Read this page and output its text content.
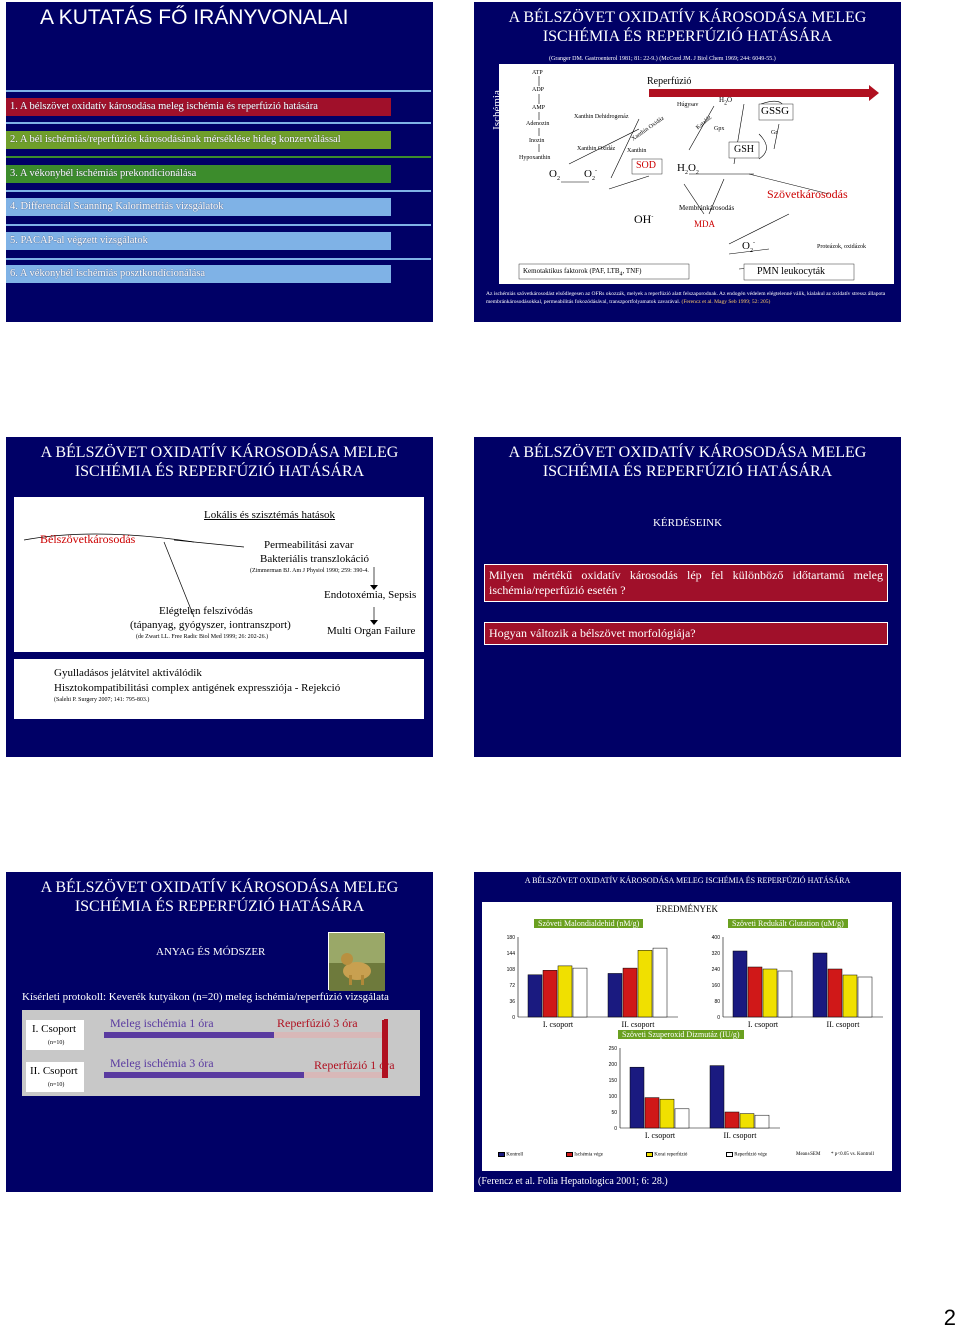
A KUTATÁS FŐ IRÁNYVONALAI
1. A bélszövet oxidatív károsodása meleg ischémia és reperfúzió hatására
2. A bél ischémiás/reperfúziós károsodásának mérséklése hideg konzerválással
3. A vékonybél ischémiás prekondícionálása
4. Differenciál Scanning Kalorimetriás vizsgálatok
5. PACAP-al végzett vizsgálatok
6. A vékonybél ischémiás posztkondícionálása
A BÉLSZÖVET OXIDATÍV KÁROSODÁSA MELEG
ISCHÉMIA ÉS REPERFÚZIÓ HATÁSÁRA
(Granger DM. Gastroenterol 1981; 81: 22-9.) (McCord JM. J Biol Chem 1969; 244: 6049-55.)
Ischémia
Reperfúzió
ATP
ADP
AMP
Adenozin
Inozin
Hypoxanthin
Xanthin Dehidrogenáz
Xanthin Oxidáz Xanthin
Xanthin Oxidáz
Húgysav
$H_2O$
GSSG
Kataláz Gpx
Gr
GSH
$O_2$ $O_2^-$
SOD $H_2O_2$
OH-
Szövetkárosodás
Membránkárosodás
MDA
$O_2^-$
Proteázok, oxidázok
Kemotaktikus faktorok (PAF, $LTB_4$, TNF)	PMN leukocyták
Az ischémiás szövetkárosodást elsődlegesen az OFRs okozzák, melyek a reperfúzió alatt felszaporodnak. Az endogén védelem elégtelenné válik, kialakul az oxidatív stressz állapota membránkárosodásokkal, permeabilitás fokozódásával, transzportfolyamatok zavarával. (Ferencz et al. Magy Seb 1999; 52: 205)
A BÉLSZÖVET OXIDATÍV KÁROSODÁSA MELEG
ISCHÉMIA ÉS REPERFÚZIÓ HATÁSÁRA
Lokális és szisztémás hatások
Bélszövetkárosodás	Permeabilitási zavar
Bakteriális transzlokáció
(Zimmerman BJ. Am J Physiol 1990; 259: 390-4.
Endotoxémia, Sepsis
Elégtelen felszívódás
(tápanyag, gyógyszer, iontranszport)
(de Zwart LL. Free Radic Biol Med 1999; 26: 202-26.)	Multi Organ Failure
Gyulladásos jelátvitel aktiválódik
Hisztokompatibilitási complex antigének expressziója - Rejekció
(Salehi P. Surgery 2007; 141: 795-803.)
A BÉLSZÖVET OXIDATÍV KÁROSODÁSA MELEG
ISCHÉMIA ÉS REPERFÚZIÓ HATÁSÁRA
KÉRDÉSEINK
Milyen mértékű oxidatív károsodás lép fel különböző időtartamú meleg ischémia/reperfúzió esetén ?
Hogyan változik a bélszövet morfológiája?
A BÉLSZÖVET OXIDATÍV KÁROSODÁSA MELEG
ISCHÉMIA ÉS REPERFÚZIÓ HATÁSÁRA
ANYAG ÉS MÓDSZER
Kísérleti protokoll: Keverék kutyákon (n=20) meleg ischémia/reperfúzió vizsgálata
I. Csoport
(n=10)
II. Csoport
(n=10)
Meleg ischémia 1 óra	Reperfúzió 3 óra
Meleg ischémia 3 óra	Reperfúzió 1 óra
A BÉLSZÖVET OXIDATÍV KÁROSODÁSA MELEG ISCHÉMIA ÉS REPERFÚZIÓ HATÁSÁRA
EREDMÉNYEK
Szöveti Malondialdehid (nM/g)	Szöveti Redukált Glutation (uM/g)
0
36
72
108
144
180
I. csoport	II. csoport
0
80
160
240
320
400
I. csoport	II. csoport
Szöveti Szuperoxid Dizmutáz (IU/g)
0
50
100
150
200
250
I. csoport	II. csoport
Kontroll	Ischémia vége	Korai reperfúzió	Reperfúzió vége	Mean±SEM * p<0.05 vs. Kontroll
(Ferencz et al. Folia Hepatologica 2001; 6: 28.)
2
